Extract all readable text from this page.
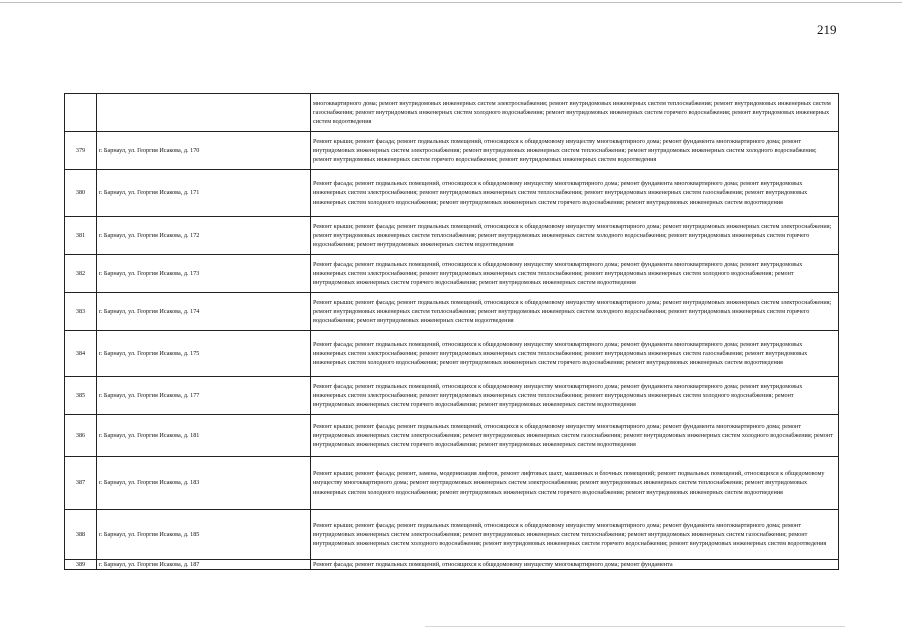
219
		многоквартирного дома; ремонт внутридомовых инженерных систем электроснабжения; ремонт внутридомовых инженерных систем теплоснабжения; ремонт внутридомовых инженерных систем газоснабжения; ремонт внутридомовых инженерных систем холодного водоснабжения; ремонт внутридомовых инженерных систем горячего водоснабжения; ремонт внутридомовых инженерных систем водоотведения
379	г. Барнаул, ул. Георгия Исакова, д. 170	Ремонт крыши; ремонт фасада; ремонт подвальных помещений, относящихся к общедомовому имуществу многоквартирного дома; ремонт фундамента многоквартирного дома; ремонт внутридомовых инженерных систем электроснабжения; ремонт внутридомовых инженерных систем теплоснабжения; ремонт внутридомовых инженерных систем холодного водоснабжения; ремонт внутридомовых инженерных систем горячего водоснабжения; ремонт внутридомовых инженерных систем водоотведения
380	г. Барнаул, ул. Георгия Исакова, д. 171	Ремонт фасада; ремонт подвальных помещений, относящихся к общедомовому имуществу многоквартирного дома; ремонт фундамента многоквартирного дома; ремонт внутридомовых инженерных систем электроснабжения; ремонт внутридомовых инженерных систем теплоснабжения; ремонт внутридомовых инженерных систем газоснабжения; ремонт внутридомовых инженерных систем холодного водоснабжения; ремонт внутридомовых инженерных систем горячего водоснабжения; ремонт внутридомовых инженерных систем водоотведения
381	г. Барнаул, ул. Георгия Исакова, д. 172	Ремонт крыши; ремонт фасада; ремонт подвальных помещений, относящихся к общедомовому имуществу многоквартирного дома; ремонт внутридомовых инженерных систем электроснабжения; ремонт внутридомовых инженерных систем теплоснабжения; ремонт внутридомовых инженерных систем холодного водоснабжения; ремонт внутридомовых инженерных систем горячего водоснабжения; ремонт внутридомовых инженерных систем водоотведения
382	г. Барнаул, ул. Георгия Исакова, д. 173	Ремонт фасада; ремонт подвальных помещений, относящихся к общедомовому имуществу многоквартирного дома; ремонт фундамента многоквартирного дома; ремонт внутридомовых инженерных систем электроснабжения; ремонт внутридомовых инженерных систем теплоснабжения; ремонт внутридомовых инженерных систем холодного водоснабжения; ремонт внутридомовых инженерных систем горячего водоснабжения; ремонт внутридомовых инженерных систем водоотведения
383	г. Барнаул, ул. Георгия Исакова, д. 174	Ремонт крыши; ремонт фасада; ремонт подвальных помещений, относящихся к общедомовому имуществу многоквартирного дома; ремонт внутридомовых инженерных систем электроснабжения; ремонт внутридомовых инженерных систем теплоснабжения; ремонт внутридомовых инженерных систем холодного водоснабжения; ремонт внутридомовых инженерных систем горячего водоснабжения; ремонт внутридомовых инженерных систем водоотведения
384	г. Барнаул, ул. Георгия Исакова, д. 175	Ремонт фасада; ремонт подвальных помещений, относящихся к общедомовому имуществу многоквартирного дома; ремонт фундамента многоквартирного дома; ремонт внутридомовых инженерных систем электроснабжения; ремонт внутридомовых инженерных систем теплоснабжения; ремонт внутридомовых инженерных систем газоснабжения; ремонт внутридомовых инженерных систем холодного водоснабжения; ремонт внутридомовых инженерных систем горячего водоснабжения; ремонт внутридомовых инженерных систем водоотведения
385	г. Барнаул, ул. Георгия Исакова, д. 177	Ремонт фасада; ремонт подвальных помещений, относящихся к общедомовому имуществу многоквартирного дома; ремонт фундамента многоквартирного дома; ремонт внутридомовых инженерных систем электроснабжения; ремонт внутридомовых инженерных систем теплоснабжения; ремонт внутридомовых инженерных систем холодного водоснабжения; ремонт внутридомовых инженерных систем горячего водоснабжения; ремонт внутридомовых инженерных систем водоотведения
386	г. Барнаул, ул. Георгия Исакова, д. 181	Ремонт крыши; ремонт фасада; ремонт подвальных помещений, относящихся к общедомовому имуществу многоквартирного дома; ремонт фундамента многоквартирного дома; ремонт внутридомовых инженерных систем электроснабжения; ремонт внутридомовых инженерных систем газоснабжения; ремонт внутридомовых инженерных систем холодного водоснабжения; ремонт внутридомовых инженерных систем горячего водоснабжения; ремонт внутридомовых инженерных систем водоотведения
387	г. Барнаул, ул. Георгия Исакова, д. 183	Ремонт крыши; ремонт фасада; ремонт, замена, модернизация лифтов, ремонт лифтовых шахт, машинных и блочных помещений; ремонт подвальных помещений, относящихся к общедомовому имуществу многоквартирного дома; ремонт внутридомовых инженерных систем электроснабжения; ремонт внутридомовых инженерных систем теплоснабжения; ремонт внутридомовых инженерных систем холодного водоснабжения; ремонт внутридомовых инженерных систем горячего водоснабжения; ремонт внутридомовых инженерных систем водоотведения
388	г. Барнаул, ул. Георгия Исакова, д. 185	Ремонт крыши; ремонт фасада; ремонт подвальных помещений, относящихся к общедомовому имуществу многоквартирного дома; ремонт фундамента многоквартирного дома; ремонт внутридомовых инженерных систем электроснабжения; ремонт внутридомовых инженерных систем теплоснабжения; ремонт внутридомовых инженерных систем газоснабжения; ремонт внутридомовых инженерных систем холодного водоснабжения; ремонт внутридомовых инженерных систем горячего водоснабжения; ремонт внутридомовых инженерных систем водоотведения
389	г. Барнаул, ул. Георгия Исакова, д. 187	Ремонт фасада; ремонт подвальных помещений, относящихся к общедомовому имуществу многоквартирного дома; ремонт фундамента
